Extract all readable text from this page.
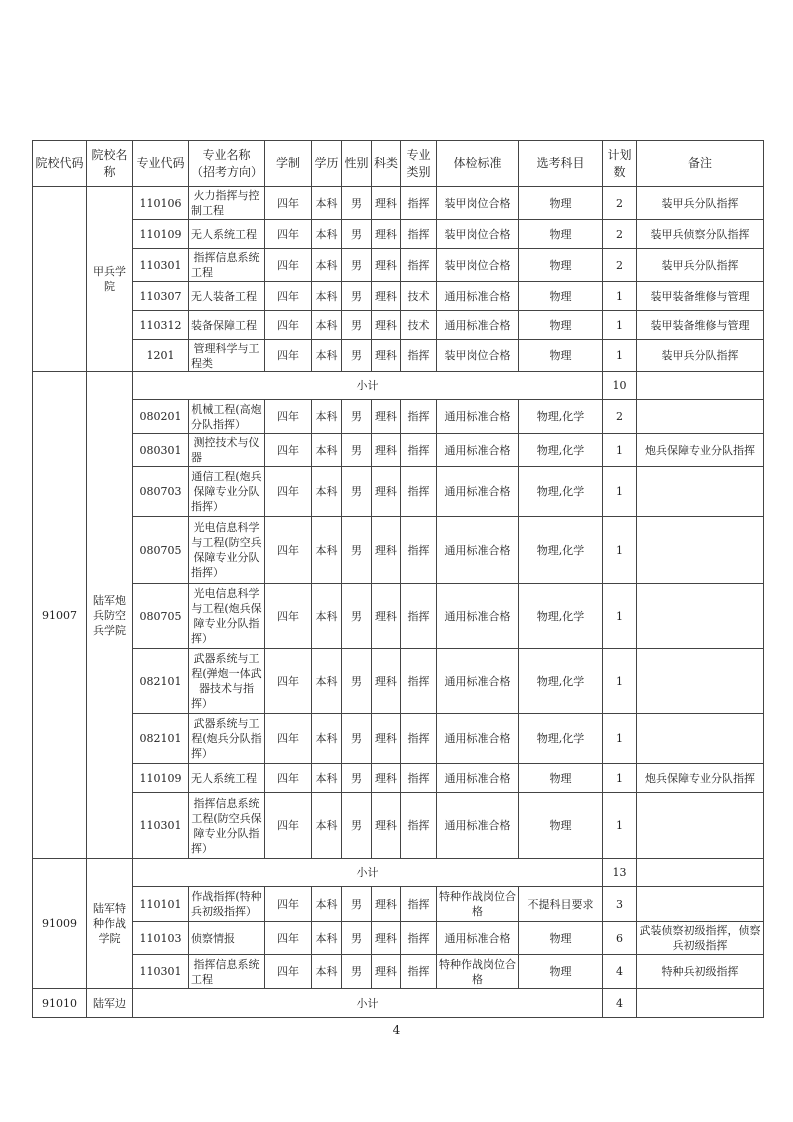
院校代码	院校名称	专业代码	专业名称（招考方向）	学制	学历	性别	科类	专业类别	体检标准	选考科目	计划数	备注
	甲兵学院	110106	火力指挥与控制工程	四年	本科	男	理科	指挥	装甲岗位合格	物理	2	装甲兵分队指挥
		110109	无人系统工程	四年	本科	男	理科	指挥	装甲岗位合格	物理	2	装甲兵侦察分队指挥
		110301	指挥信息系统工程	四年	本科	男	理科	指挥	装甲岗位合格	物理	2	装甲兵分队指挥
		110307	无人装备工程	四年	本科	男	理科	技术	通用标准合格	物理	1	装甲装备维修与管理
		110312	装备保障工程	四年	本科	男	理科	技术	通用标准合格	物理	1	装甲装备维修与管理
		1201	管理科学与工程类	四年	本科	男	理科	指挥	装甲岗位合格	物理	1	装甲兵分队指挥
91007	陆军炮兵防空兵学院	小计									10	
		080201	机械工程(高炮分队指挥）	四年	本科	男	理科	指挥	通用标准合格	物理,化学	2	
		080301	测控技术与仪器	四年	本科	男	理科	指挥	通用标准合格	物理,化学	1	炮兵保障专业分队指挥
		080703	通信工程(炮兵保障专业分队指挥）	四年	本科	男	理科	指挥	通用标准合格	物理,化学	1	
		080705	光电信息科学与工程(防空兵保障专业分队指挥）	四年	本科	男	理科	指挥	通用标准合格	物理,化学	1	
		080705	光电信息科学与工程(炮兵保障专业分队指挥）	四年	本科	男	理科	指挥	通用标准合格	物理,化学	1	
		082101	武器系统与工程(弹炮一体武器技术与指挥）	四年	本科	男	理科	指挥	通用标准合格	物理,化学	1	
		082101	武器系统与工程(炮兵分队指挥）	四年	本科	男	理科	指挥	通用标准合格	物理,化学	1	
		110109	无人系统工程	四年	本科	男	理科	指挥	通用标准合格	物理	1	炮兵保障专业分队指挥
		110301	指挥信息系统工程(防空兵保障专业分队指挥）	四年	本科	男	理科	指挥	通用标准合格	物理	1	
91009	陆军特种作战学院	小计									13	
		110101	作战指挥(特种兵初级指挥）	四年	本科	男	理科	指挥	特种作战岗位合格	不提科目要求	3	
		110103	侦察情报	四年	本科	男	理科	指挥	通用标准合格	物理	6	武装侦察初级指挥，侦察兵初级指挥
		110301	指挥信息系统工程	四年	本科	男	理科	指挥	特种作战岗位合格	物理	4	特种兵初级指挥
91010	陆军边	小计									4	
4
